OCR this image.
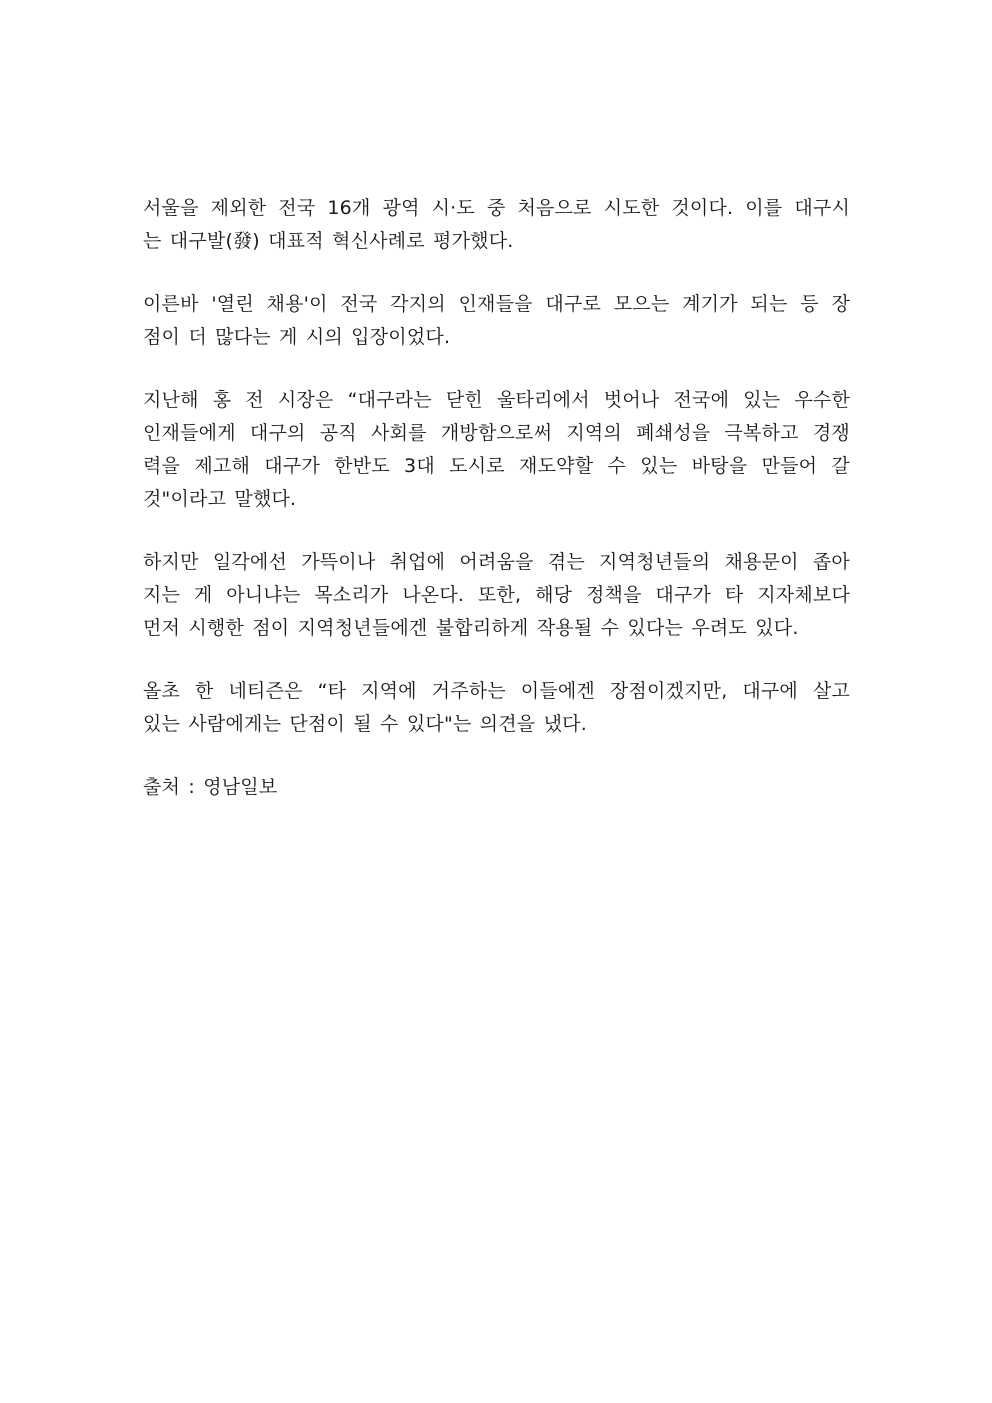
서울을 제외한 전국 16개 광역 시·도 중 처음으로 시도한 것이다. 이를 대구시
는 대구발(發) 대표적 혁신사례로 평가했다.

이른바 '열린 채용'이 전국 각지의 인재들을 대구로 모으는 계기가 되는 등 장
점이 더 많다는 게 시의 입장이었다.

지난해 홍 전 시장은 “대구라는 닫힌 울타리에서 벗어나 전국에 있는 우수한
인재들에게 대구의 공직 사회를 개방함으로써 지역의 폐쇄성을 극복하고 경쟁
력을 제고해 대구가 한반도 3대 도시로 재도약할 수 있는 바탕을 만들어 갈
것"이라고 말했다.

하지만 일각에선 가뜩이나 취업에 어려움을 겪는 지역청년들의 채용문이 좁아
지는 게 아니냐는 목소리가 나온다. 또한, 해당 정책을 대구가 타 지자체보다
먼저 시행한 점이 지역청년들에겐 불합리하게 작용될 수 있다는 우려도 있다.

올초 한 네티즌은 “타 지역에 거주하는 이들에겐 장점이겠지만, 대구에 살고
있는 사람에게는 단점이 될 수 있다"는 의견을 냈다.

출처 : 영남일보
